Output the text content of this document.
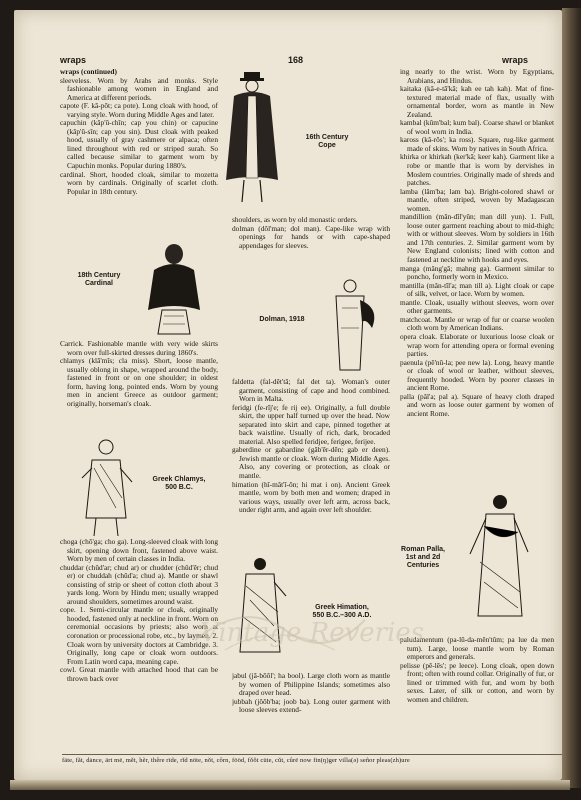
wraps	168	wraps
wraps (continued)

sleeveless. Worn by Arabs and monks. Style fashionable among women in England and America at different periods.

capote (F. kā-pōt; ca pote). Long cloak with hood, of varying style. Worn during Middle Ages and later.

capuchin (kăp'ū-chĭn; cap you chin) or capucine (kăp'ū-sĭn; cap you sin). Dust cloak with peaked hood, usually of gray cashmere or alpaca; often lined throughout with red or striped surah. So called because similar to garment worn by Capuchin monks. Popular during 1880's.

cardinal. Short, hooded cloak, similar to mozetta worn by cardinals. Originally of scarlet cloth. Popular in 18th century.

18th Century
Cardinal

Carrick. Fashionable mantle with very wide skirts worn over full-skirted dresses during 1860's.

chlamys (klā'mĭs; cla miss). Short, loose mantle, usually oblong in shape, wrapped around the body, fastened in front or on one shoulder; in oldest form, having long, pointed ends. Worn by young men in ancient Greece as outdoor garment; originally, horseman's cloak.

Greek Chlamys,
500 B.C.

choga (chō'ga; cho ga). Long-sleeved cloak with long skirt, opening down front, fastened above waist. Worn by men of certain classes in India.

chuddar (chŭd'ar; chud ar) or chudder (chŭd'ẽr; chud er) or chuddah (chŭd'a; chud a). Mantle or shawl consisting of strip or sheet of cotton cloth about 3 yards long. Worn by Hindu men; usually wrapped around shoulders, sometimes around waist.

cope. 1. Semi-circular mantle or cloak, originally hooded, fastened only at neckline in front. Worn on ceremonial occasions by priests; also worn at coronation or processional robe, etc., by laymen. 2. Cloak worn by university doctors at Cambridge. 3. Originally, long cape or cloak worn outdoors. From Latin word capa, meaning cape.

cowl. Great mantle with attached hood that can be thrown back over

16th Century
Cope

shoulders, as worn by old monastic orders.

dolman (dŏl'man; dol man). Cape-like wrap with openings for hands or with cape-shaped appendages for sleeves.

Dolman, 1918

faldetta (fal-dĕt'tā; fal det ta). Woman's outer garment, consisting of cape and hood combined. Worn in Malta.

feridgi (fe-rĭj'e; fe rij ee). Originally, a full double skirt, the upper half turned up over the head. Now separated into skirt and cape, pinned together at back waistline. Usually of rich, dark, brocaded material. Also spelled feridjee, ferigee, ferijee.

gaberdine or gabardine (găb'ẽr-dēn; gab er deen). Jewish mantle or cloak. Worn during Middle Ages. Also, any covering or protection, as cloak or mantle.

himation (hĭ-măt'ĭ-ŏn; hi mat i on). Ancient Greek mantle, worn by both men and women; draped in various ways, usually over left arm, across back, under right arm, and again over left shoulder.

Greek Himation,
550 B.C.–300 A.D.

jabul (jā-bōōl'; ha bool). Large cloth worn as mantle by women of Philippine Islands; sometimes also draped over head.

jubbah (jŏŏb'ba; joob ba). Long outer garment with loose sleeves extend-

ing nearly to the wrist. Worn by Egyptians, Arabians, and Hindus.

kaitaka (kā-e-tā'kā; kah ee tah kah). Mat of fine-textured material made of flax, usually with ornamental border, worn as mantle in New Zealand.

kambal (kŭm'bal; kum bal). Coarse shawl or blanket of wool worn in India.

kaross (kă-rŏs'; ka ross). Square, rug-like garment made of skins. Worn by natives in South Africa.

khirka or khirkah (ker'kā; keer kah). Garment like a robe or mantle that is worn by dervishes in Moslem countries. Originally made of shreds and patches.

lamba (lăm'ba; lam ba). Bright-colored shawl or mantle, often striped, woven by Madagascan women.

mandillion (măn-dĭl'yŭn; man dill yun). 1. Full, loose outer garment reaching about to mid-thigh; with or without sleeves. Worn by soldiers in 16th and 17th centuries. 2. Similar garment worn by New England colonists; lined with cotton and fastened at neckline with hooks and eyes.

manga (măng'gā; mahng ga). Garment similar to poncho, formerly worn in Mexico.

mantilla (măn-tĭl'a; man till a). Light cloak or cape of silk, velvet, or lace. Worn by women.

mantle. Cloak, usually without sleeves, worn over other garments.

matchcoat. Mantle or wrap of fur or coarse woolen cloth worn by American Indians.

opera cloak. Elaborate or luxurious loose cloak or wrap worn for attending opera or formal evening parties.

paenula (pē'nū-la; pee new la). Long, heavy mantle or cloak of wool or leather, without sleeves, frequently hooded. Worn by poorer classes in ancient Rome.

palla (păl'a; pal a). Square of heavy cloth draped and worn as loose outer garment by women of ancient Rome.

Roman Palla,
1st and 2d
Centuries

paludamentum (pa-lū-da-mĕn'tŭm; pa lue da men tum). Large, loose mantle worn by Roman emperors and generals.

pelisse (pĕ-lēs'; pe leece). Long cloak, open down front; often with round collar. Originally of fur, or lined or trimmed with fur, and worn by both sexes. Later, of silk or cotton, and worn by women and children.

fāte, făt, dȧnce, ärt mē, mĕt, hẽr, thêre rīde, rĭd nōte, nŏt, côrn, fōōd, fŏŏt cūte, cŭt, cûrë now fin(ŋ)ger villa(ə) señor pleas(zh)ure
Vintage Reveries
